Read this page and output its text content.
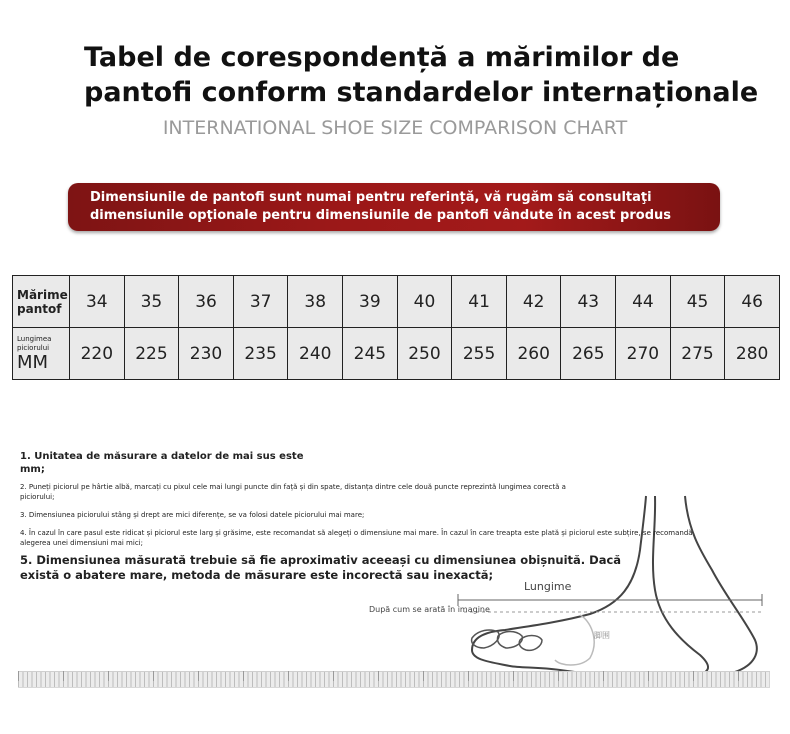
Tabel de corespondență a mărimilor de pantofi conform standardelor internaționale
INTERNATIONAL SHOE SIZE COMPARISON CHART
Dimensiunile de pantofi sunt numai pentru referință, vă rugăm să consultaţi dimensiunile opţionale pentru dimensiunile de pantofi vândute în acest produs
Mărime pantof	34	35	36	37	38	39	40	41	42	43	44	45	46

Lungimea piciorului
MM	220	225	230	235	240	245	250	255	260	265	270	275	280
Lungime
După cum se arată în imagine
脚围
1. Unitatea de măsurare a datelor de mai sus este mm;
2. Puneți piciorul pe hârtie albă, marcați cu pixul cele mai lungi puncte din față și din spate, distanța dintre cele două puncte reprezintă lungimea corectă a piciorului;
3. Dimensiunea piciorului stâng și drept are mici diferențe, se va folosi datele piciorului mai mare;
4. În cazul în care pasul este ridicat și piciorul este larg și grăsime, este recomandat să alegeți o dimensiune mai mare. În cazul în care treapta este plată și piciorul este subțire, se recomandă alegerea unei dimensiuni mai mici;
5. Dimensiunea măsurată trebuie să fie aproximativ aceeași cu dimensiunea obișnuită. Dacă există o abatere mare, metoda de măsurare este incorectă sau inexactă;
